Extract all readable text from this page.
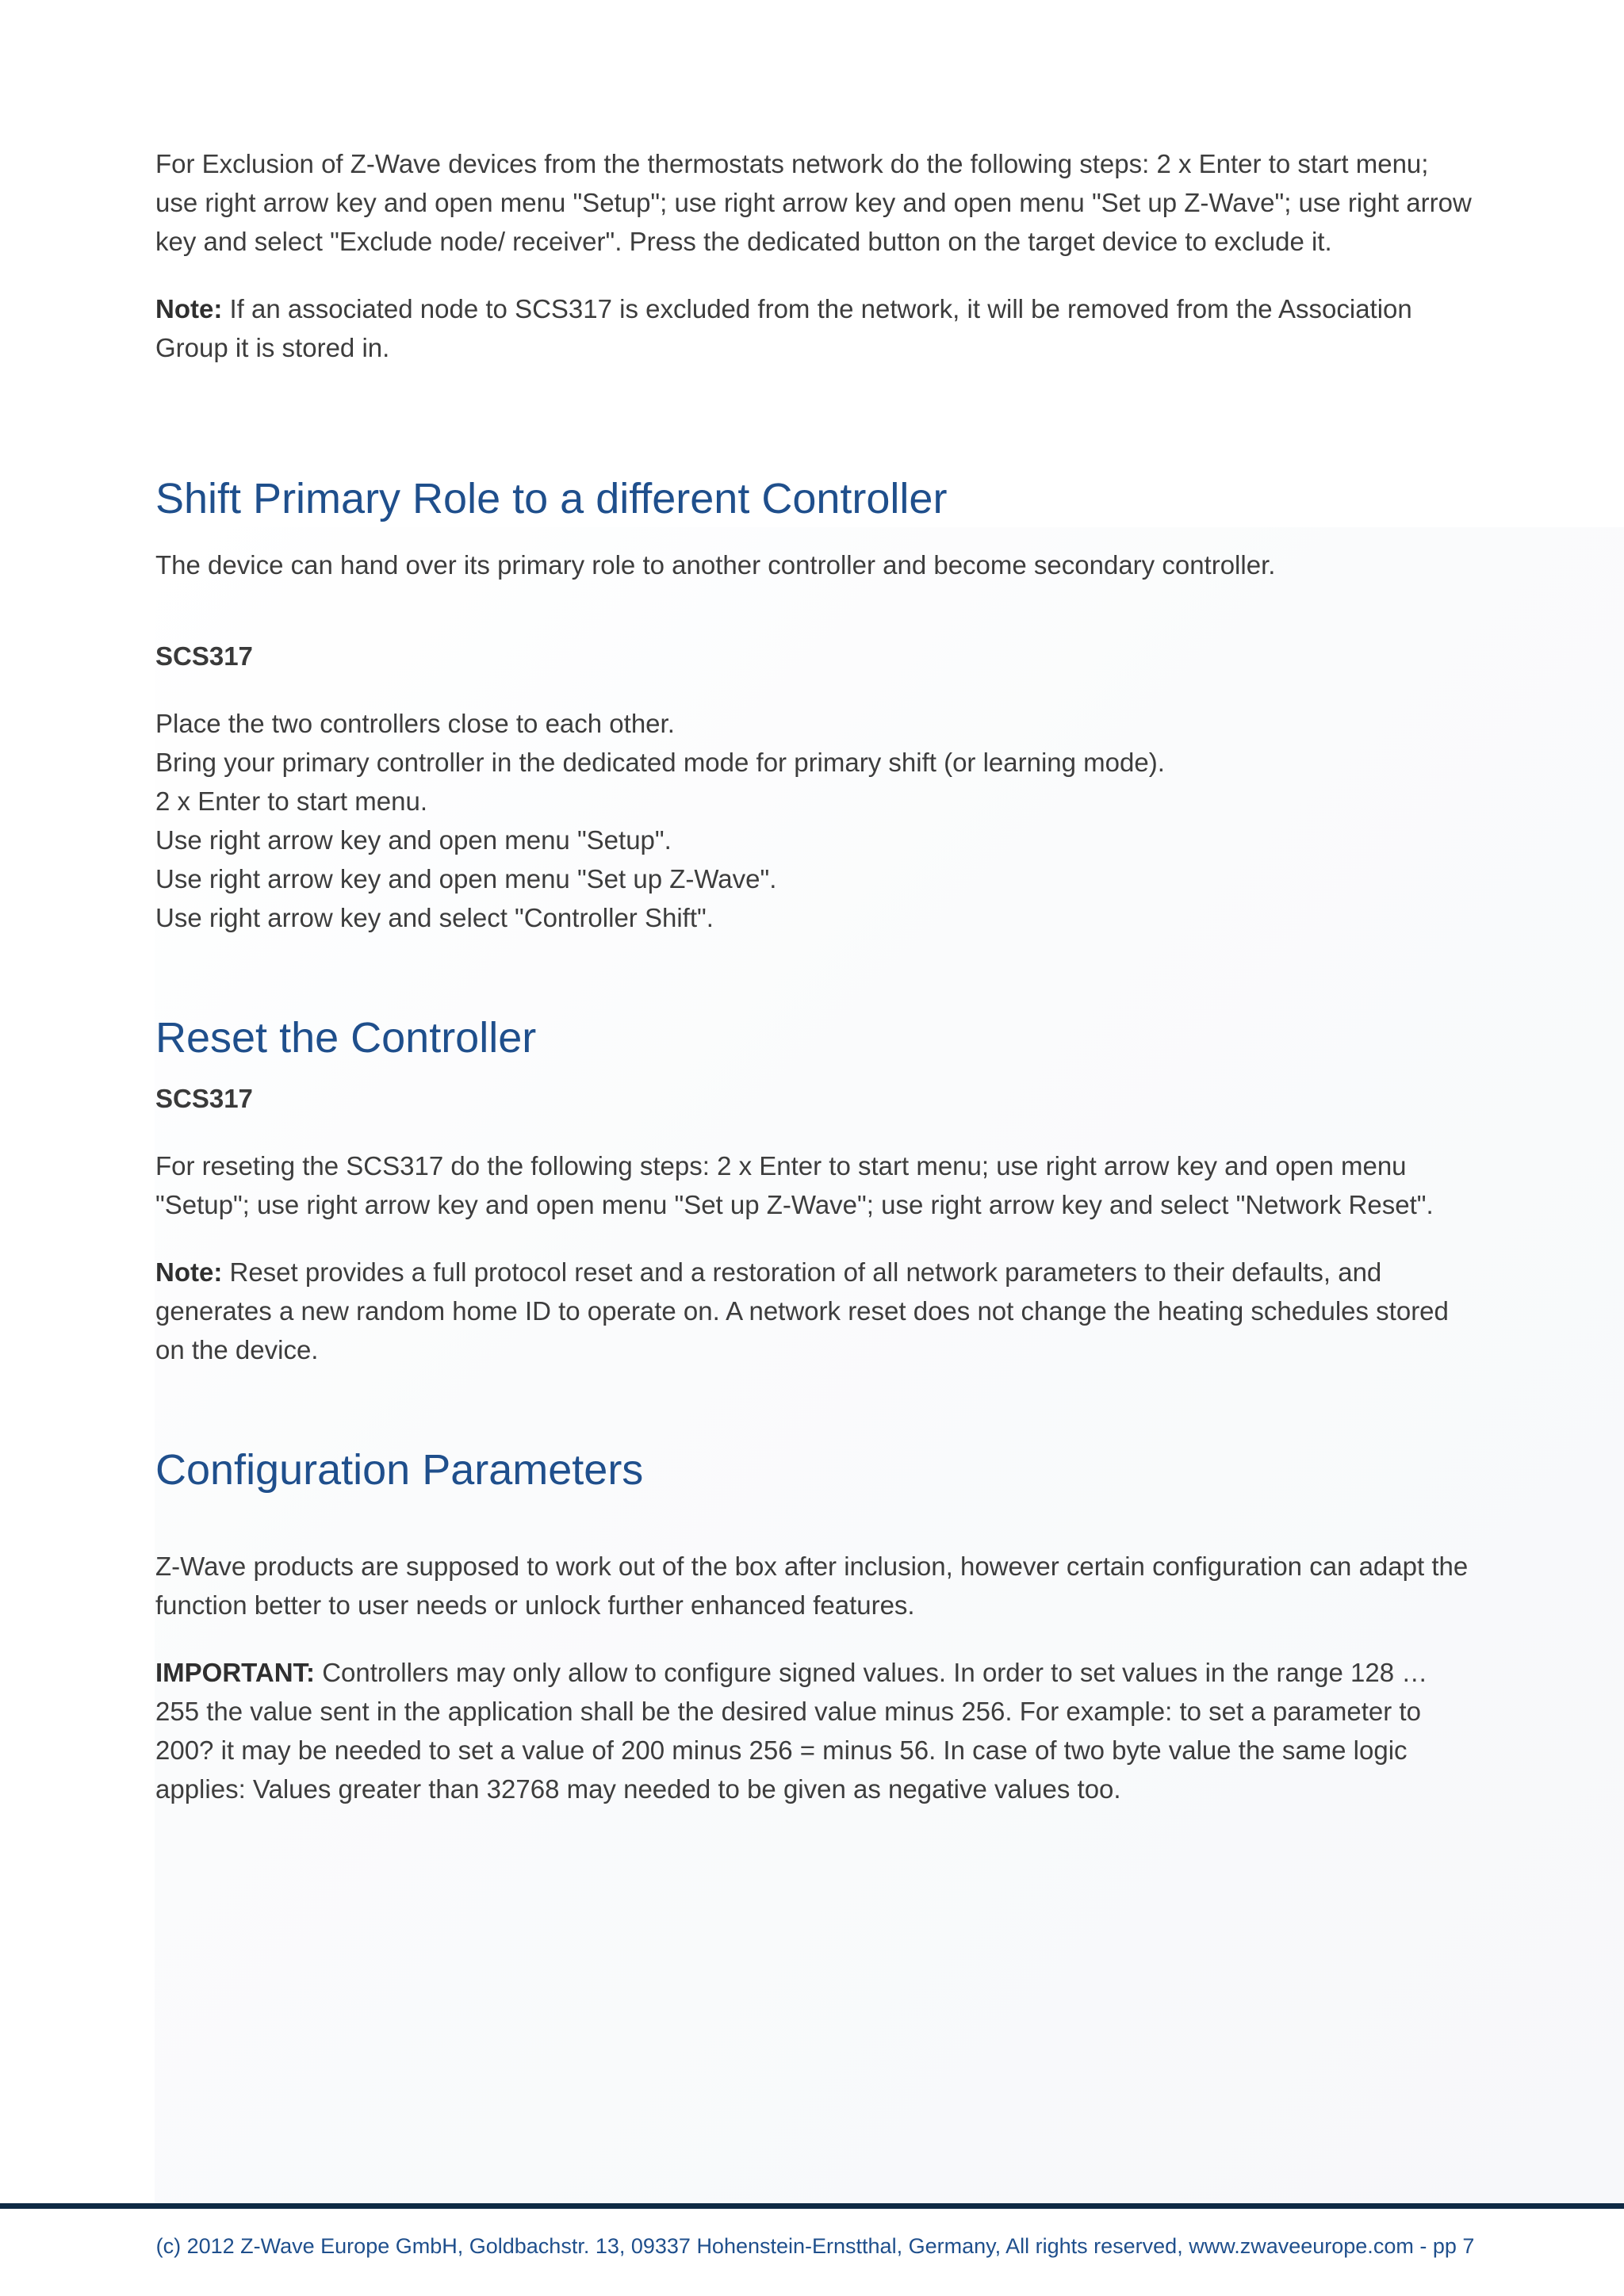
For Exclusion of Z-Wave devices from the thermostats network do the following steps: 2 x Enter to start menu; use right arrow key and open menu "Setup"; use right arrow key and open menu "Set up Z-Wave"; use right arrow key and select "Exclude node/ receiver". Press the dedicated button on the target device to exclude it.

Note: If an associated node to SCS317 is excluded from the network, it will be removed from the Association Group it is stored in.

Shift Primary Role to a different Controller

The device can hand over its primary role to another controller and become secondary controller.

SCS317

Place the two controllers close to each other.

Bring your primary controller in the dedicated mode for primary shift (or learning mode).

2 x Enter to start menu.

Use right arrow key and open menu "Setup".

Use right arrow key and open menu "Set up Z-Wave".

Use right arrow key and select "Controller Shift".

Reset the Controller
SCS317

For reseting the SCS317 do the following steps: 2 x Enter to start menu; use right arrow key and open menu "Setup"; use right arrow key and open menu "Set up Z-Wave"; use right arrow key and select "Network Reset".

Note: Reset provides a full protocol reset and a restoration of all network parameters to their defaults, and generates a new random home ID to operate on. A network reset does not change the heating schedules stored on the device.

Configuration Parameters

Z-Wave products are supposed to work out of the box after inclusion, however certain configuration can adapt the function better to user needs or unlock further enhanced features.

IMPORTANT: Controllers may only allow to configure signed values. In order to set values in the range 128 … 255 the value sent in the application shall be the desired value minus 256. For example: to set a parameter to 200? it may be needed to set a value of 200 minus 256 = minus 56. In case of two byte value the same logic applies: Values greater than 32768 may needed to be given as negative values too.

(c) 2012 Z-Wave Europe GmbH, Goldbachstr. 13, 09337 Hohenstein-Ernstthal, Germany, All rights reserved, www.zwaveeurope.com - pp 7
